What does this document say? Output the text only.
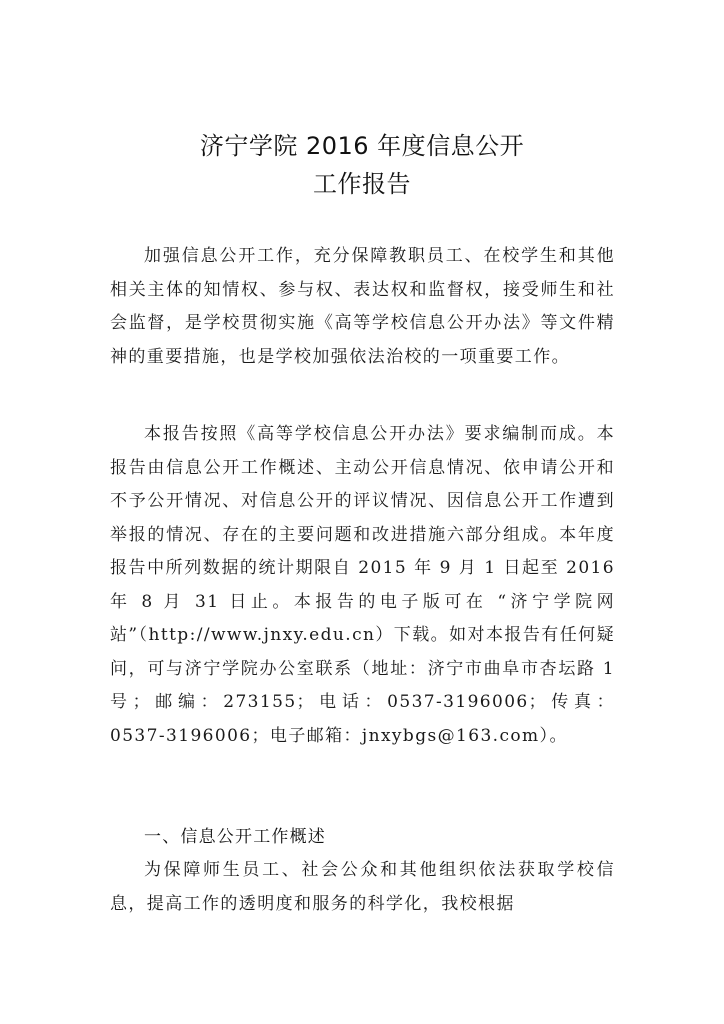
济宁学院 2016 年度信息公开
工作报告

加强信息公开工作，充分保障教职员工、在校学生和其他相关主体的知情权、参与权、表达权和监督权，接受师生和社会监督，是学校贯彻实施《高等学校信息公开办法》等文件精神的重要措施，也是学校加强依法治校的一项重要工作。

本报告按照《高等学校信息公开办法》要求编制而成。本报告由信息公开工作概述、主动公开信息情况、依申请公开和不予公开情况、对信息公开的评议情况、因信息公开工作遭到举报的情况、存在的主要问题和改进措施六部分组成。本年度报告中所列数据的统计期限自 2015 年 9 月 1 日起至 2016 年 8 月 31 日止。本报告的电子版可在 “济宁学院网站”（http://www.jnxy.edu.cn）下载。如对本报告有任何疑问，可与济宁学院办公室联系（地址：济宁市曲阜市杏坛路 1 号；邮编：273155；电话：0537-3196006；传真：0537-3196006；电子邮箱：jnxybgs@163.com）。

一、信息公开工作概述

为保障师生员工、社会公众和其他组织依法获取学校信息，提高工作的透明度和服务的科学化，我校根据
